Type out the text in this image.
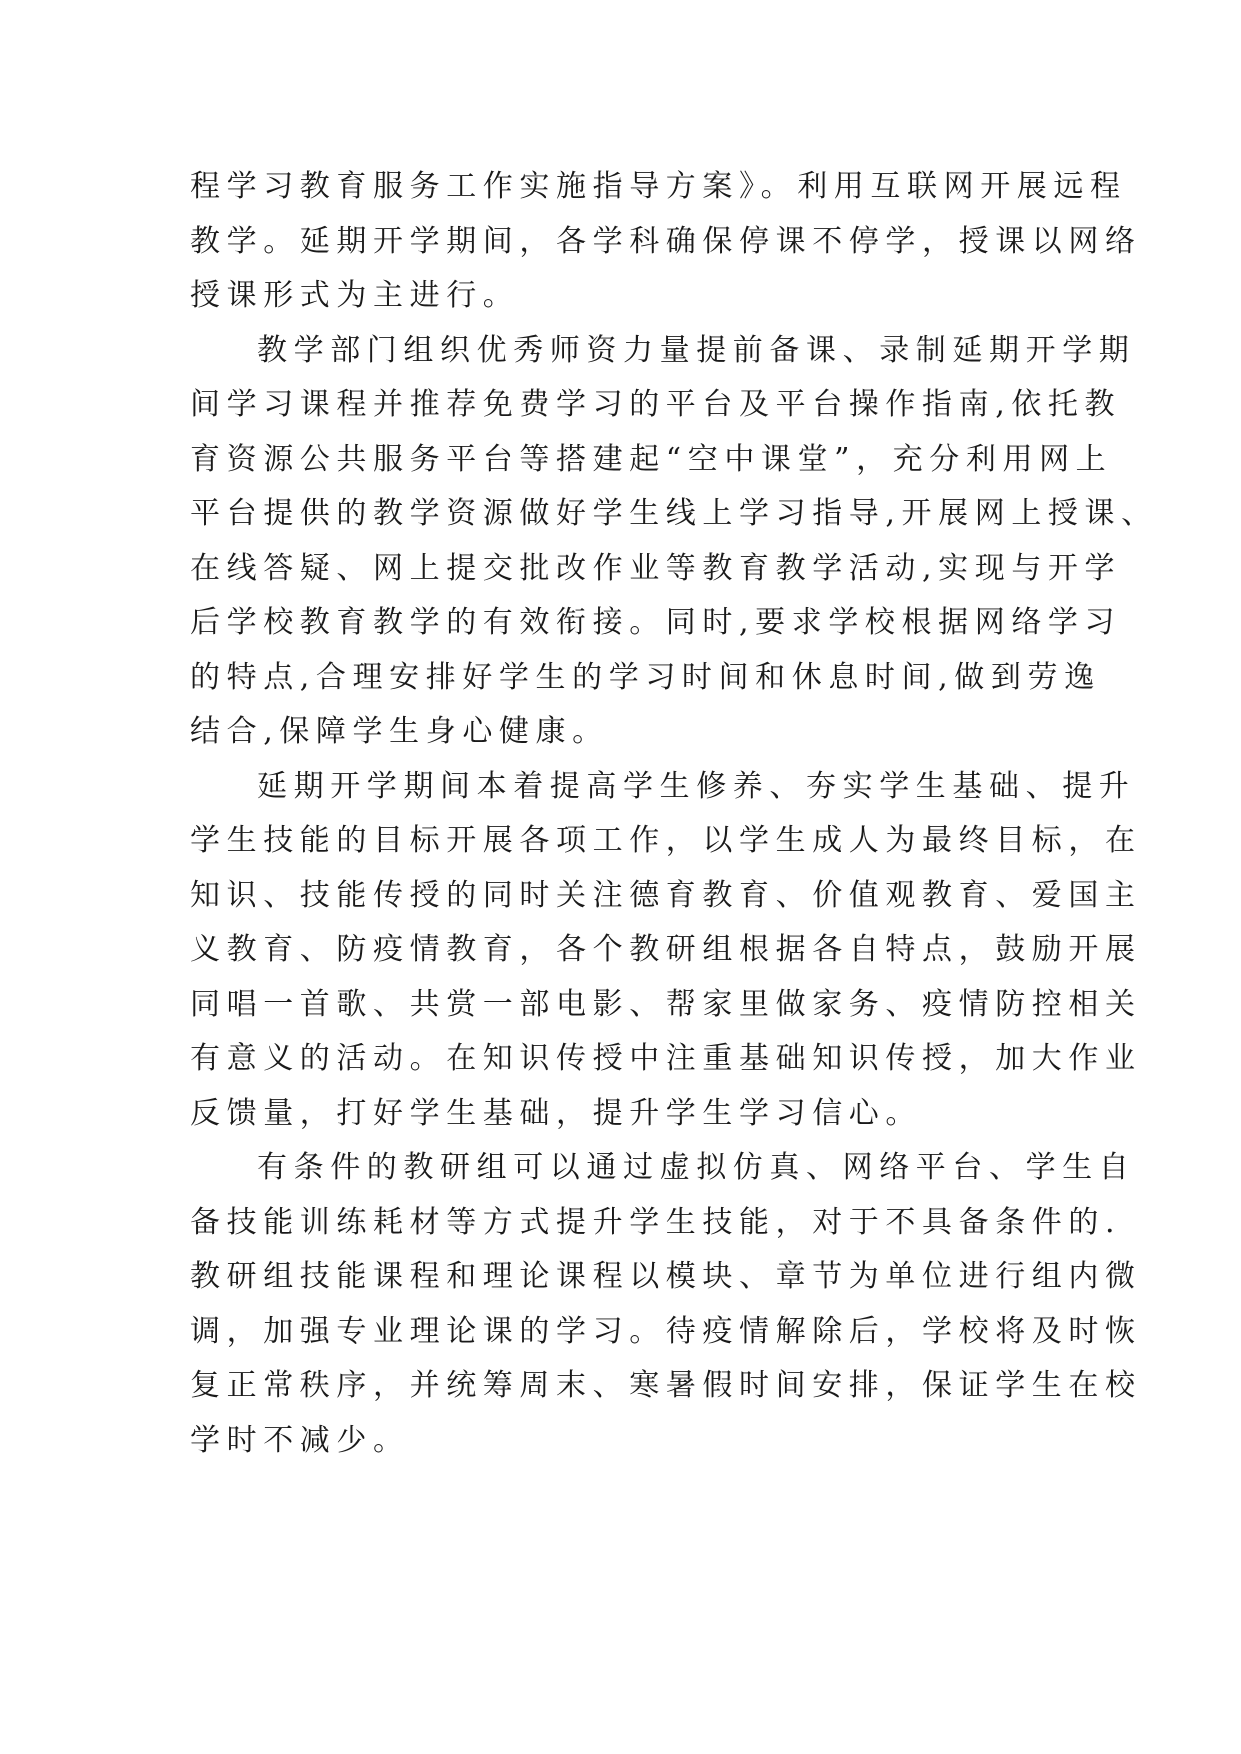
程学习教育服务工作实施指导方案》。利用互联网开展远程
教学。延期开学期间，各学科确保停课不停学，授课以网络
授课形式为主进行。
教学部门组织优秀师资力量提前备课、录制延期开学期
间学习课程并推荐免费学习的平台及平台操作指南,依托教
育资源公共服务平台等搭建起“空中课堂”，充分利用网上
平台提供的教学资源做好学生线上学习指导,开展网上授课、
在线答疑、网上提交批改作业等教育教学活动,实现与开学
后学校教育教学的有效衔接。同时,要求学校根据网络学习
的特点,合理安排好学生的学习时间和休息时间,做到劳逸
结合,保障学生身心健康。
延期开学期间本着提高学生修养、夯实学生基础、提升
学生技能的目标开展各项工作，以学生成人为最终目标，在
知识、技能传授的同时关注德育教育、价值观教育、爱国主
义教育、防疫情教育，各个教研组根据各自特点，鼓励开展
同唱一首歌、共赏一部电影、帮家里做家务、疫情防控相关
有意义的活动。在知识传授中注重基础知识传授，加大作业
反馈量，打好学生基础，提升学生学习信心。
有条件的教研组可以通过虚拟仿真、网络平台、学生自
备技能训练耗材等方式提升学生技能，对于不具备条件的.
教研组技能课程和理论课程以模块、章节为单位进行组内微
调，加强专业理论课的学习。待疫情解除后，学校将及时恢
复正常秩序，并统筹周末、寒暑假时间安排，保证学生在校
学时不减少。
